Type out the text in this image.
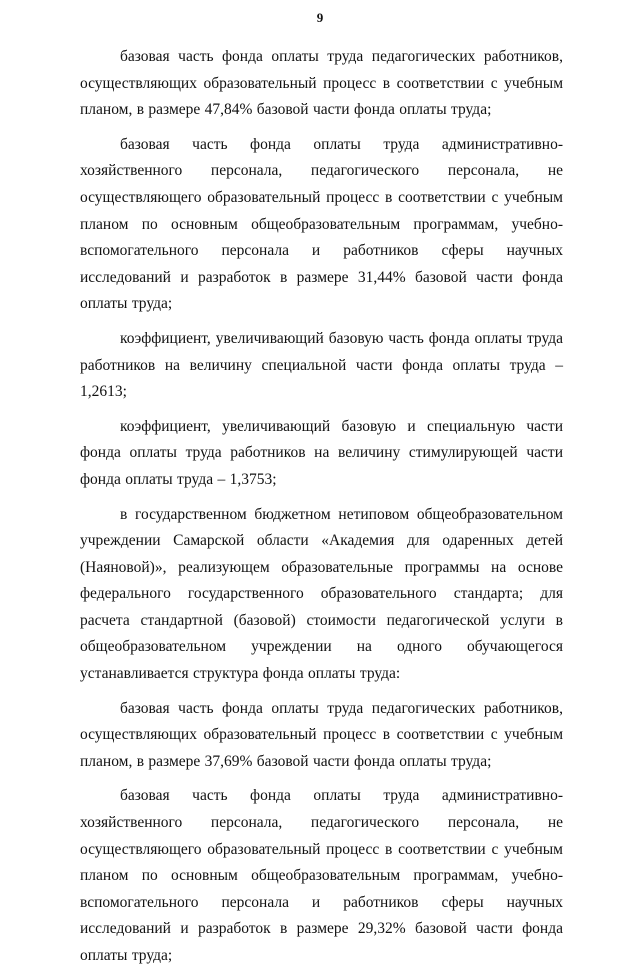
9

базовая часть фонда оплаты труда педагогических работников, осуществляющих образовательный процесс в соответствии с учебным планом, в размере 47,84% базовой части фонда оплаты труда;

базовая часть фонда оплаты труда административно-хозяйственного персонала, педагогического персонала, не осуществляющего образовательный процесс в соответствии с учебным планом по основным общеобразовательным программам, учебно-вспомогательного персонала и работников сферы научных исследований и разработок в размере 31,44% базовой части фонда оплаты труда;

коэффициент, увеличивающий базовую часть фонда оплаты труда работников на величину специальной части фонда оплаты труда – 1,2613;

коэффициент, увеличивающий базовую и специальную части фонда оплаты труда работников на величину стимулирующей части фонда оплаты труда – 1,3753;

в государственном бюджетном нетиповом общеобразовательном учреждении Самарской области «Академия для одаренных детей (Наяновой)», реализующем образовательные программы на основе федерального государственного образовательного стандарта; для расчета стандартной (базовой) стоимости педагогической услуги в общеобразовательном учреждении на одного обучающегося устанавливается структура фонда оплаты труда:

базовая часть фонда оплаты труда педагогических работников, осуществляющих образовательный процесс в соответствии с учебным планом, в размере 37,69% базовой части фонда оплаты труда;

базовая часть фонда оплаты труда административно-хозяйственного персонала, педагогического персонала, не осуществляющего образовательный процесс в соответствии с учебным планом по основным общеобразовательным программам, учебно-вспомогательного персонала и работников сферы научных исследований и разработок в размере 29,32% базовой части фонда оплаты труда;
